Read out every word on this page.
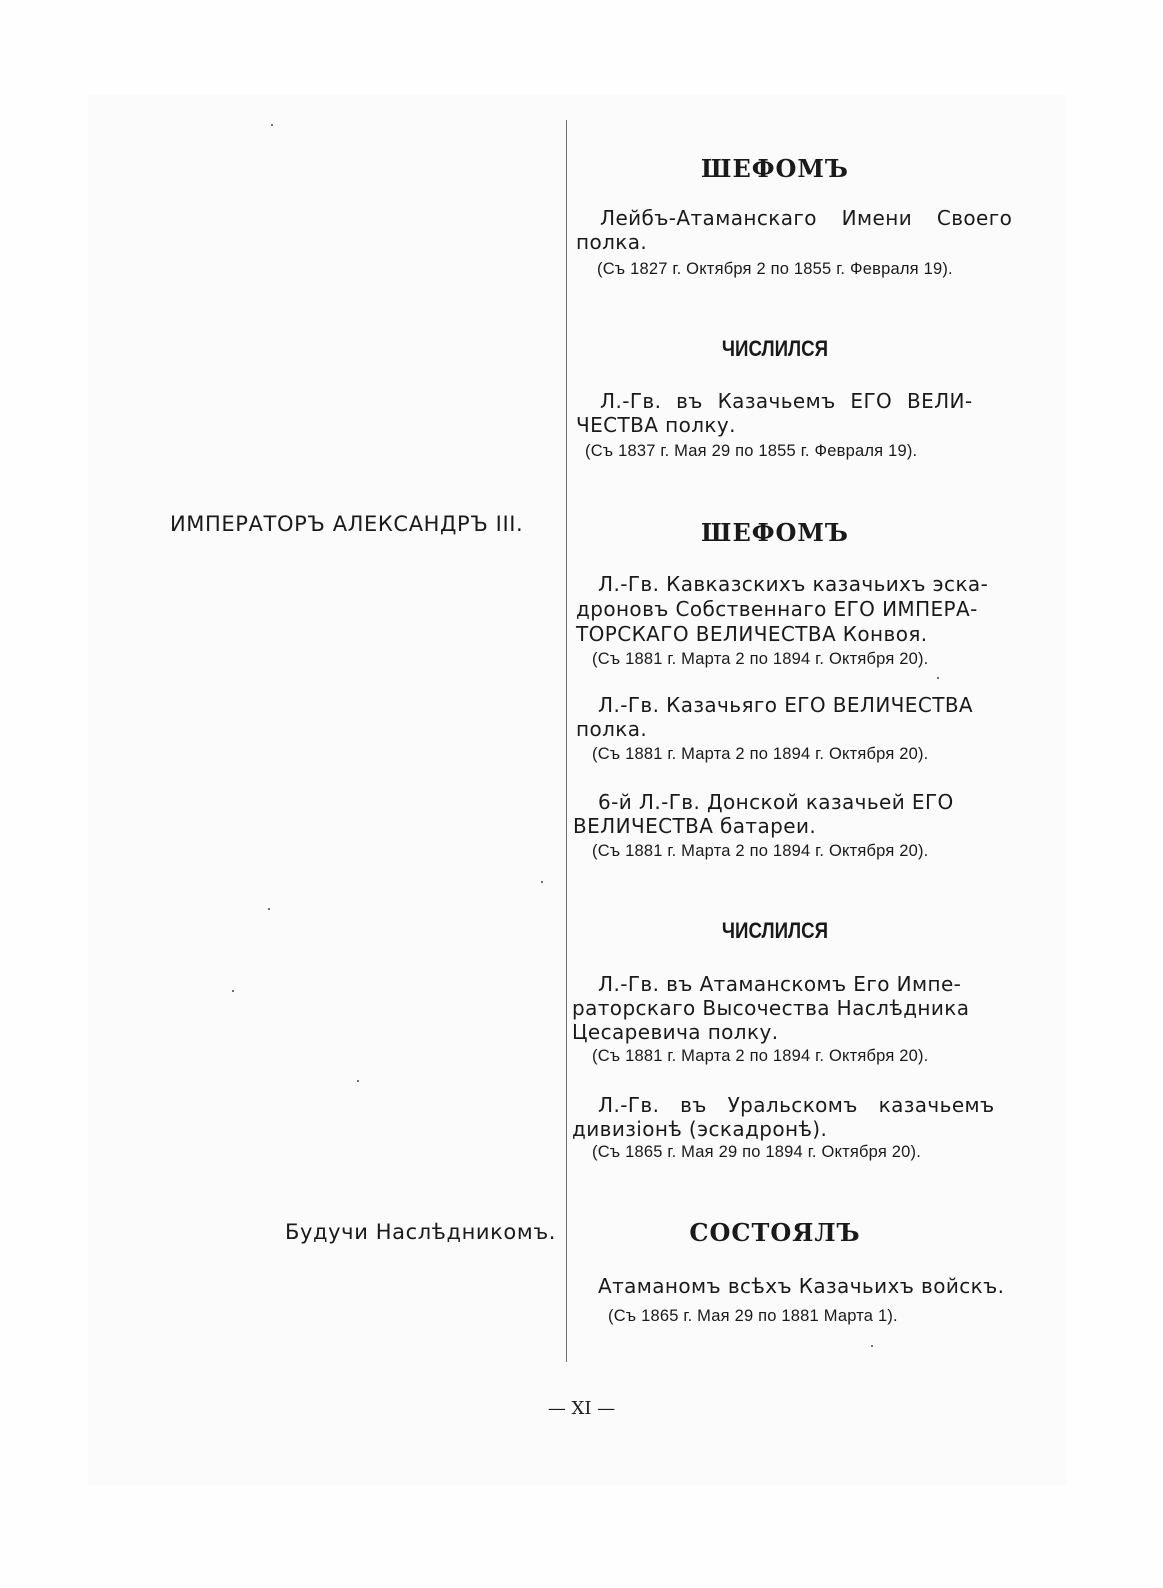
ИМПЕРАТОРЪ АЛЕКСАНДРЪ III.
Будучи Наслѣдникомъ.
ШЕФОМЪ
Лейбъ-Атаманскаго Имени Своего
полка.
(Съ 1827 г. Октября 2 по 1855 г. Февраля 19).
ЧИСЛИЛСЯ
Л.-Гв. въ Казачьемъ ЕГО ВЕЛИ-
ЧЕСТВА полку.
(Съ 1837 г. Мая 29 по 1855 г. Февраля 19).
ШЕФОМЪ
Л.-Гв. Кавказскихъ казачьихъ эска-
дроновъ Собственнаго ЕГО ИМПЕРА-
ТОРСКАГО ВЕЛИЧЕСТВА Конвоя.
(Съ 1881 г. Марта 2 по 1894 г. Октября 20).
Л.-Гв. Казачьяго ЕГО ВЕЛИЧЕСТВА
полка.
(Съ 1881 г. Марта 2 по 1894 г. Октября 20).
6-й Л.-Гв. Донской казачьей ЕГО
ВЕЛИЧЕСТВА батареи.
(Съ 1881 г. Марта 2 по 1894 г. Октября 20).
ЧИСЛИЛСЯ
Л.-Гв. въ Атаманскомъ Его Импе-
раторскаго Высочества Наслѣдника
Цесаревича полку.
(Съ 1881 г. Марта 2 по 1894 г. Октября 20).
Л.-Гв. въ Уральскомъ казачьемъ
дивизiонѣ (эскадронѣ).
(Съ 1865 г. Мая 29 по 1894 г. Октября 20).
СОСТОЯЛЪ
Атаманомъ всѣхъ Казачьихъ войскъ.
(Съ 1865 г. Мая 29 по 1881 Марта 1).
— XI —
